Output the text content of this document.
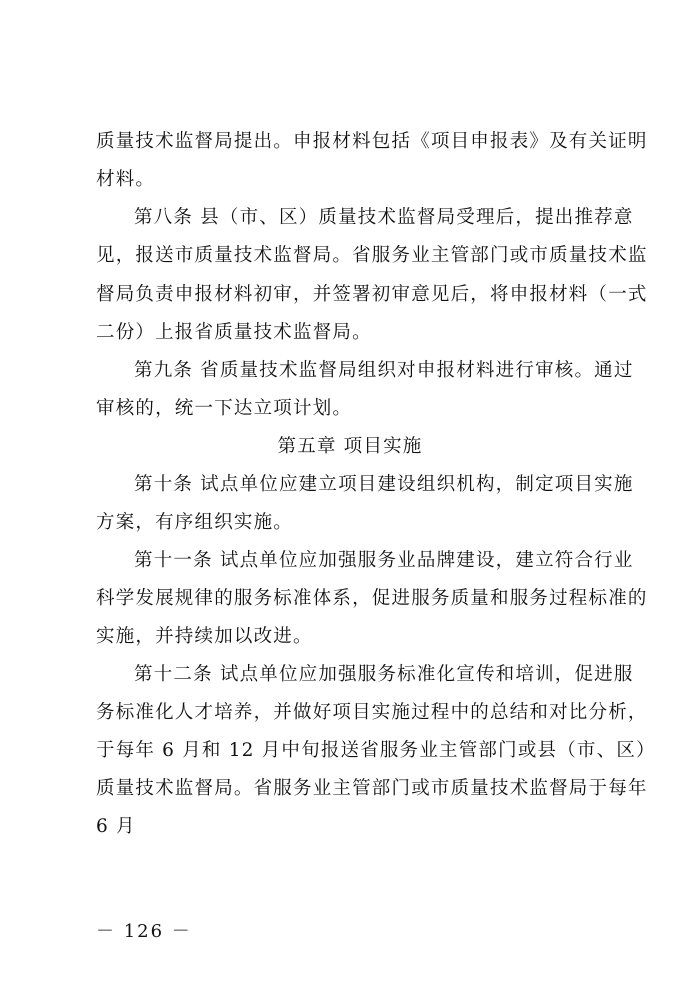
质量技术监督局提出。申报材料包括《项目申报表》及有关证明
材料。
第八条 县（市、区）质量技术监督局受理后，提出推荐意
见，报送市质量技术监督局。省服务业主管部门或市质量技术监
督局负责申报材料初审，并签署初审意见后，将申报材料（一式
二份）上报省质量技术监督局。
第九条 省质量技术监督局组织对申报材料进行审核。通过
审核的，统一下达立项计划。
第五章 项目实施
第十条 试点单位应建立项目建设组织机构，制定项目实施
方案，有序组织实施。
第十一条 试点单位应加强服务业品牌建设，建立符合行业
科学发展规律的服务标准体系，促进服务质量和服务过程标准的
实施，并持续加以改进。
第十二条 试点单位应加强服务标准化宣传和培训，促进服
务标准化人才培养，并做好项目实施过程中的总结和对比分析，
于每年 6 月和 12 月中旬报送省服务业主管部门或县（市、区）
质量技术监督局。省服务业主管部门或市质量技术监督局于每年
6 月
－ 126 －
